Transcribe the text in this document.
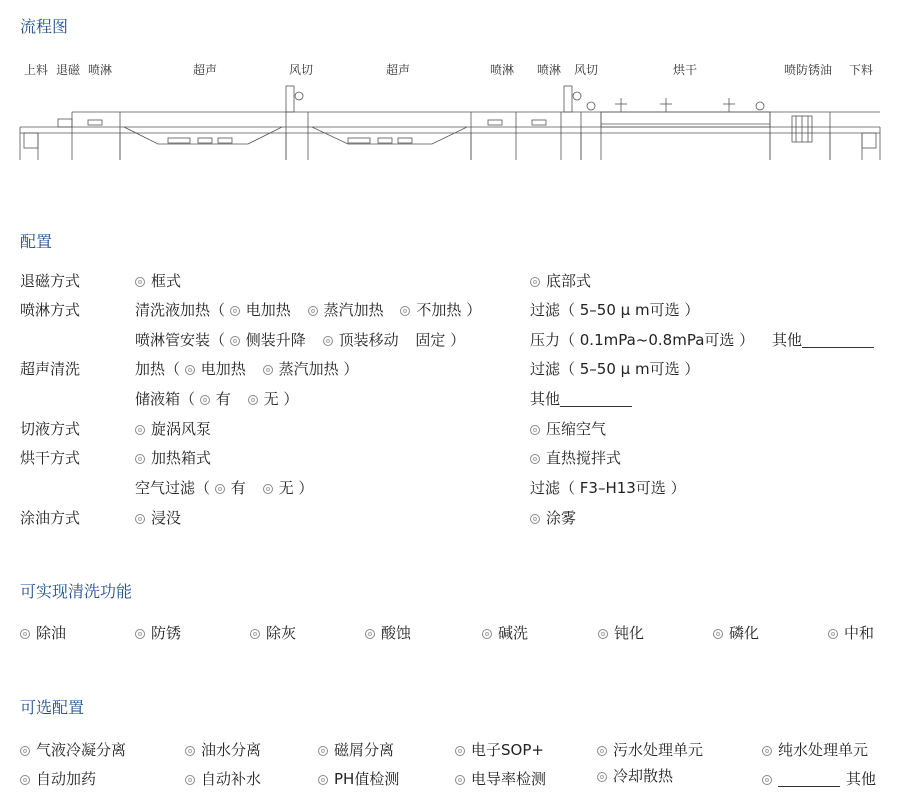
流程图
上料 退磁 喷淋	超声	风切	超声	喷淋 喷淋 风切	烘干	喷防锈油 下料
配置
退磁方式	框式	底部式
喷淋方式	清洗液加热（ 电加热 蒸汽加热 不加热 ）	过滤（ 5–50 μ m可选 ）
喷淋管安装（ 侧装升降 顶装移动 固定 ）	压力（ 0.1mPa~0.8mPa可选 ） 其他
超声清洗	加热（ 电加热 蒸汽加热 ）	过滤（ 5–50 μ m可选 ）
储液箱（ 有 无 ）	其他
切液方式	旋涡风泵	压缩空气
烘干方式	加热箱式	直热搅拌式
空气过滤（ 有 无 ）	过滤（ F3–H13可选 ）
涂油方式	浸没	涂雾
可实现清洗功能
除油	防锈	除灰	酸蚀	碱洗	钝化	磷化	中和
可选配置
气液冷凝分离	油水分离	磁屑分离	电子SOP+	污水处理单元	纯水处理单元
自动加药	自动补水	PH值检测	电导率检测	冷却散热	其他
